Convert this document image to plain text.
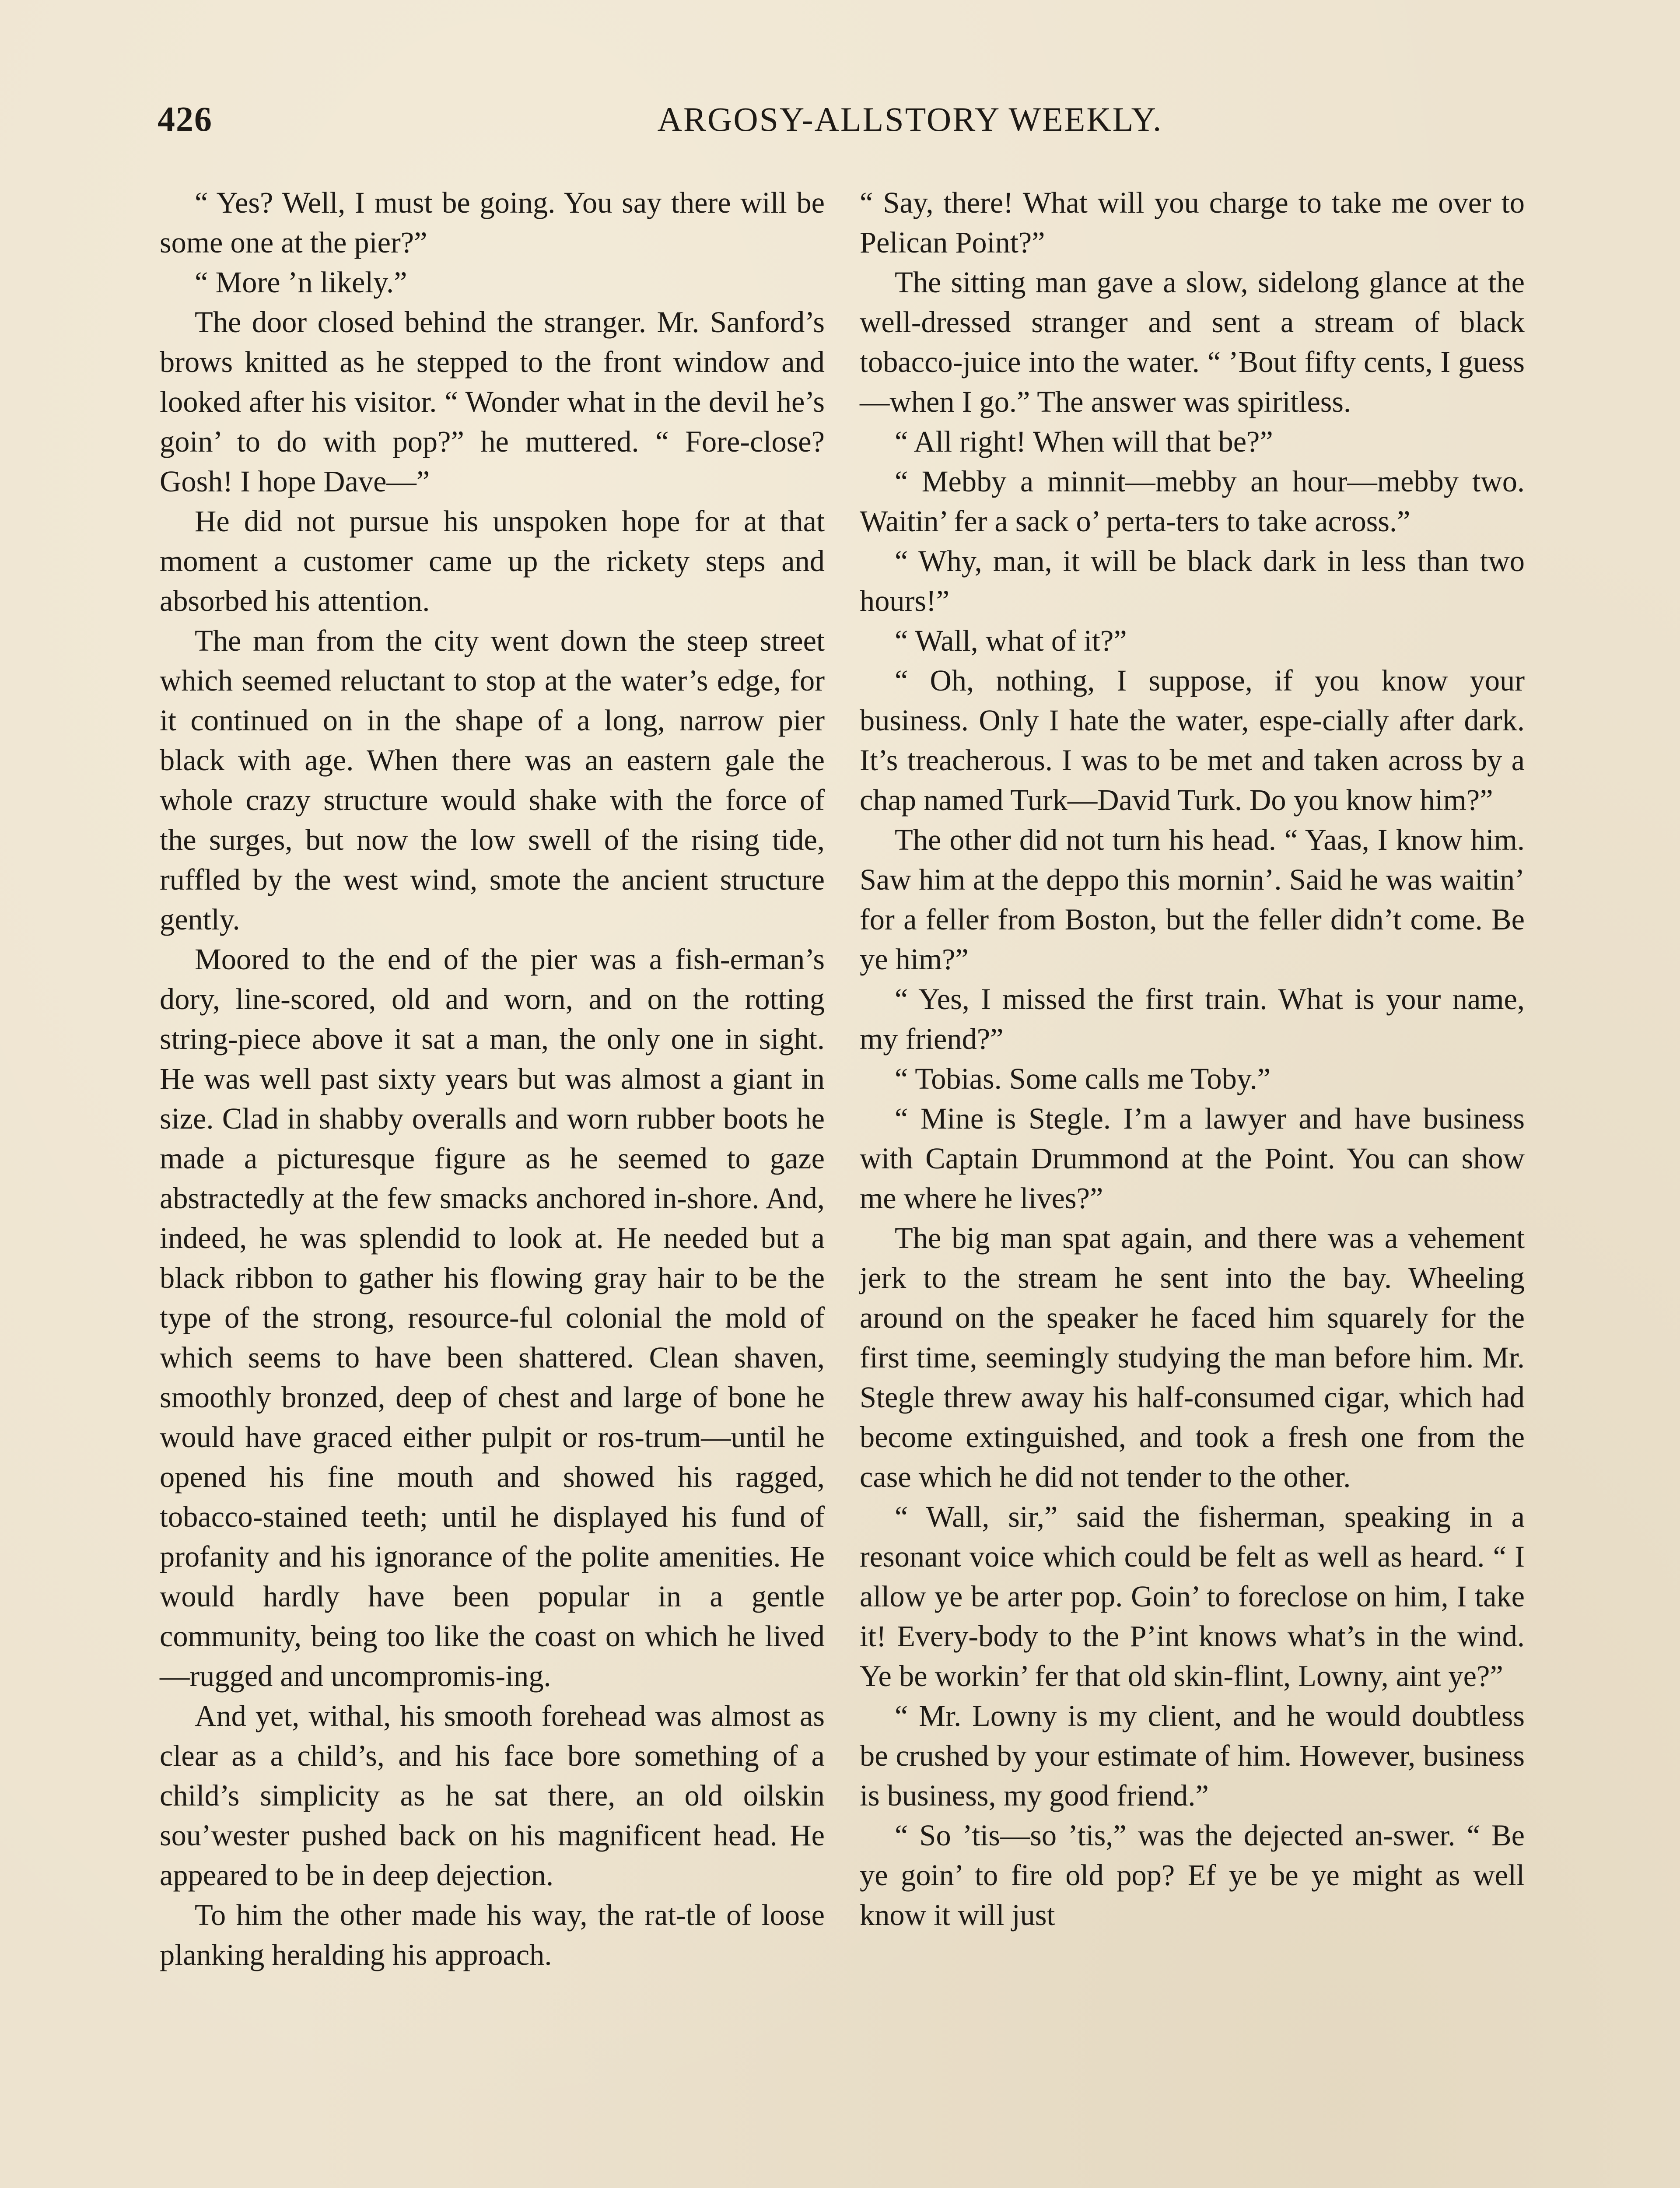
426	ARGOSY-ALLSTORY WEEKLY.

“ Yes? Well, I must be going. You say there will be some one at the pier?”

“ More ’n likely.”

The door closed behind the stranger. Mr. Sanford’s brows knitted as he stepped to the front window and looked after his visitor. “ Wonder what in the devil he’s goin’ to do with pop?” he muttered. “ Fore-close? Gosh! I hope Dave—”

He did not pursue his unspoken hope for at that moment a customer came up the rickety steps and absorbed his attention.

The man from the city went down the steep street which seemed reluctant to stop at the water’s edge, for it continued on in the shape of a long, narrow pier black with age. When there was an eastern gale the whole crazy structure would shake with the force of the surges, but now the low swell of the rising tide, ruffled by the west wind, smote the ancient structure gently.

Moored to the end of the pier was a fish-erman’s dory, line-scored, old and worn, and on the rotting string-piece above it sat a man, the only one in sight. He was well past sixty years but was almost a giant in size. Clad in shabby overalls and worn rubber boots he made a picturesque figure as he seemed to gaze abstractedly at the few smacks anchored in-shore. And, indeed, he was splendid to look at. He needed but a black ribbon to gather his flowing gray hair to be the type of the strong, resource-ful colonial the mold of which seems to have been shattered. Clean shaven, smoothly bronzed, deep of chest and large of bone he would have graced either pulpit or ros-trum—until he opened his fine mouth and showed his ragged, tobacco-stained teeth; until he displayed his fund of profanity and his ignorance of the polite amenities. He would hardly have been popular in a gentle community, being too like the coast on which he lived—rugged and uncompromis-ing.

And yet, withal, his smooth forehead was almost as clear as a child’s, and his face bore something of a child’s simplicity as he sat there, an old oilskin sou’wester pushed back on his magnificent head. He appeared to be in deep dejection.

To him the other made his way, the rat-tle of loose planking heralding his approach.

“ Say, there! What will you charge to take me over to Pelican Point?”

The sitting man gave a slow, sidelong glance at the well-dressed stranger and sent a stream of black tobacco-juice into the water. “ ’Bout fifty cents, I guess—when I go.” The answer was spiritless.

“ All right! When will that be?”

“ Mebby a minnit—mebby an hour—mebby two. Waitin’ fer a sack o’ perta-ters to take across.”

“ Why, man, it will be black dark in less than two hours!”

“ Wall, what of it?”

“ Oh, nothing, I suppose, if you know your business. Only I hate the water, espe-cially after dark. It’s treacherous. I was to be met and taken across by a chap named Turk—David Turk. Do you know him?”

The other did not turn his head. “ Yaas, I know him. Saw him at the deppo this mornin’. Said he was waitin’ for a feller from Boston, but the feller didn’t come. Be ye him?”

“ Yes, I missed the first train. What is your name, my friend?”

“ Tobias. Some calls me Toby.”

“ Mine is Stegle. I’m a lawyer and have business with Captain Drummond at the Point. You can show me where he lives?”

The big man spat again, and there was a vehement jerk to the stream he sent into the bay. Wheeling around on the speaker he faced him squarely for the first time, seemingly studying the man before him. Mr. Stegle threw away his half-consumed cigar, which had become extinguished, and took a fresh one from the case which he did not tender to the other.

“ Wall, sir,” said the fisherman, speaking in a resonant voice which could be felt as well as heard. “ I allow ye be arter pop. Goin’ to foreclose on him, I take it! Every-body to the P’int knows what’s in the wind. Ye be workin’ fer that old skin-flint, Lowny, aint ye?”

“ Mr. Lowny is my client, and he would doubtless be crushed by your estimate of him. However, business is business, my good friend.”

“ So ’tis—so ’tis,” was the dejected an-swer. “ Be ye goin’ to fire old pop? Ef ye be ye might as well know it will just
